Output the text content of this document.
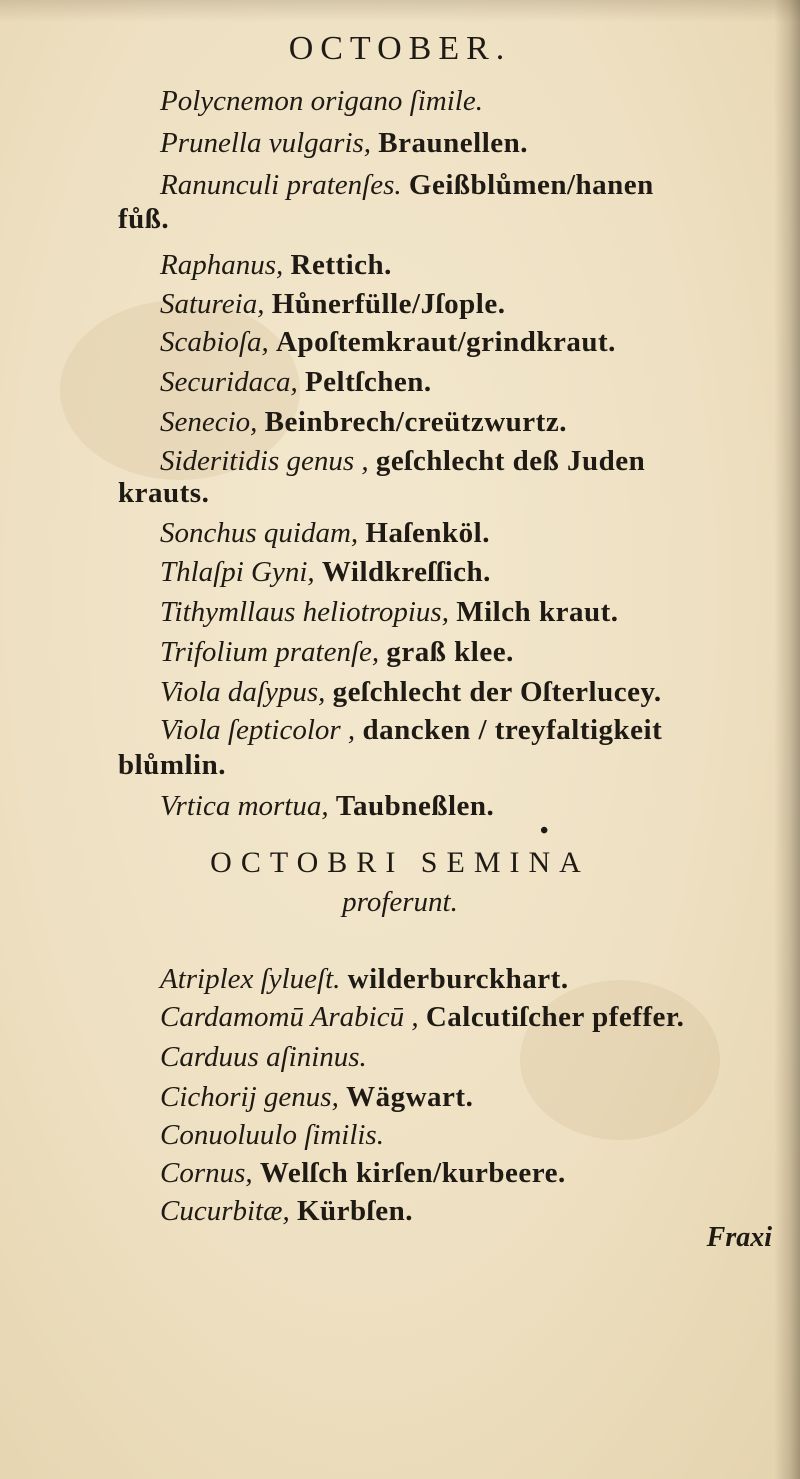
OCTOBER.
Polycnemon origano ſimile.
Prunella vulgaris, Braunellen.
Ranunculi pratenſes. Geißblůmen/hanen
fůß.
Raphanus, Rettich.
Satureia, Hůnerfülle/Jſople.
Scabioſa, Apoſtemkraut/grindkraut.
Securidaca, Peltſchen.
Senecio, Beinbrech/creützwurtz.
Sideritidis genus , geſchlecht deß Juden
krauts.
Sonchus quidam, Haſenköl.
Thlaſpi Gyni, Wildkreſſich.
Tithymllaus heliotropius, Milch kraut.
Trifolium pratenſe, graß klee.
Viola daſypus, geſchlecht der Oſterlucey.
Viola ſepticolor , dancken / treyfaltigkeit
blůmlin.
Vrtica mortua, Taubneßlen.
•
OCTOBRI SEMINA
proferunt.
Atriplex ſylueſt. wilderburckhart.
Cardamomū Arabicū , Calcutiſcher pfeffer.
Carduus aſininus.
Cichorij genus, Wägwart.
Conuoluulo ſimilis.
Cornus, Welſch kirſen/kurbeere.
Cucurbitæ, Kürbſen.
Fraxi
